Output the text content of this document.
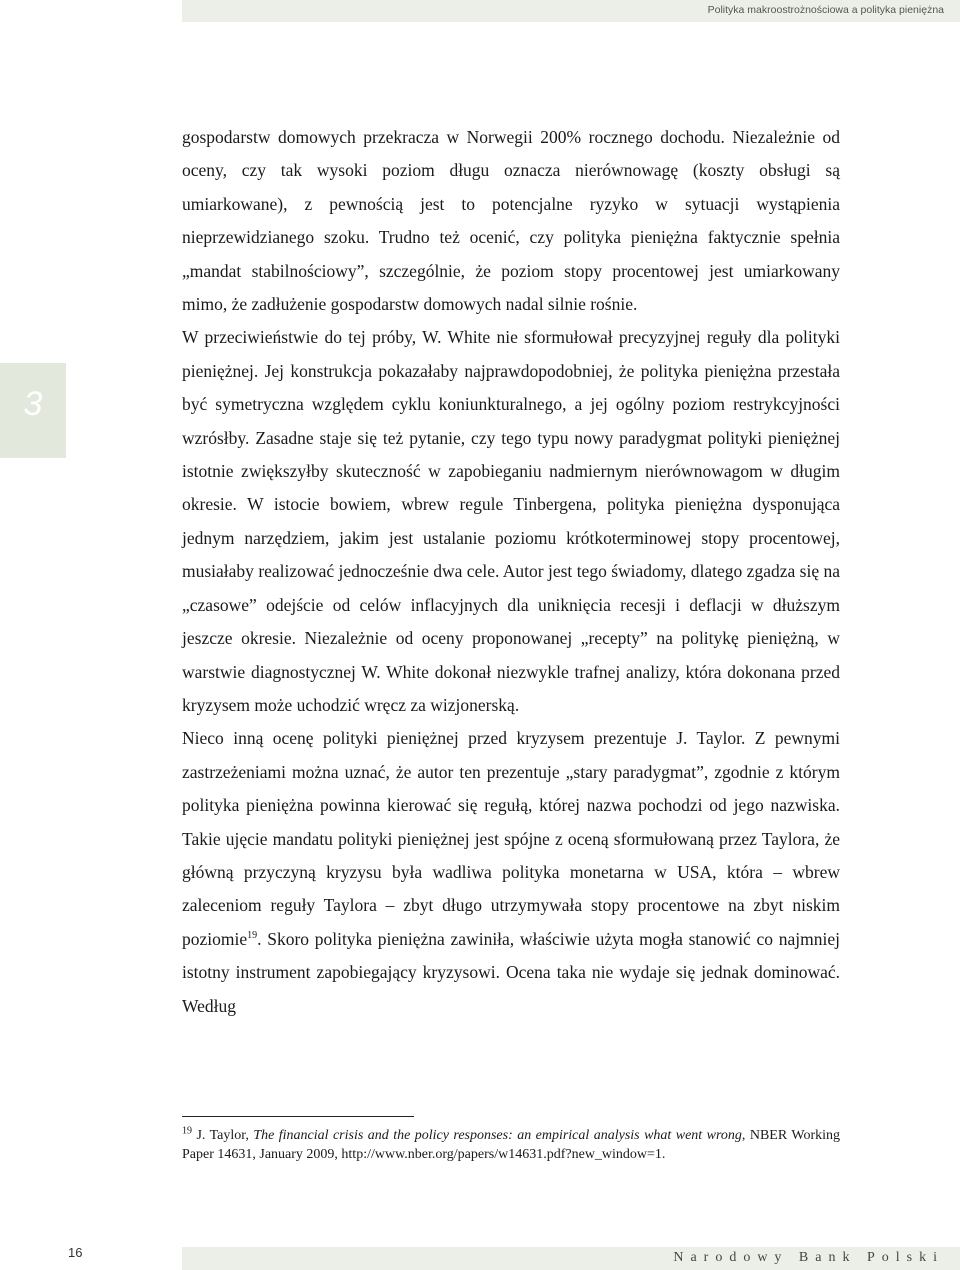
Polityka makroostrożnościowa a polityka pieniężna
3

gospodarstw domowych przekracza w Norwegii 200% rocznego dochodu. Niezależnie od oceny, czy tak wysoki poziom długu oznacza nierównowagę (koszty obsługi są umiarkowane), z pewnością jest to potencjalne ryzyko w sytuacji wystąpienia nieprzewidzianego szoku. Trudno też ocenić, czy polityka pieniężna faktycznie spełnia „mandat stabilnościowy”, szczególnie, że poziom stopy procentowej jest umiarkowany mimo, że zadłużenie gospodarstw domowych nadal silnie rośnie.

W przeciwieństwie do tej próby, W. White nie sformułował precyzyjnej reguły dla polityki pieniężnej. Jej konstrukcja pokazałaby najprawdopodobniej, że polityka pieniężna przestała być symetryczna względem cyklu koniunkturalnego, a jej ogólny poziom restrykcyjności wzrósłby. Zasadne staje się też pytanie, czy tego typu nowy paradygmat polityki pieniężnej istotnie zwiększyłby skuteczność w zapobieganiu nadmiernym nierównowagom w długim okresie. W istocie bowiem, wbrew regule Tinbergena, polityka pieniężna dysponująca jednym narzędziem, jakim jest ustalanie poziomu krótkoterminowej stopy procentowej, musiałaby realizować jednocześnie dwa cele. Autor jest tego świadomy, dlatego zgadza się na „czasowe” odejście od celów inflacyjnych dla uniknięcia recesji i deflacji w dłuższym jeszcze okresie. Niezależnie od oceny proponowanej „recepty” na politykę pieniężną, w warstwie diagnostycznej W. White dokonał niezwykle trafnej analizy, która dokonana przed kryzysem może uchodzić wręcz za wizjonerską.

Nieco inną ocenę polityki pieniężnej przed kryzysem prezentuje J. Taylor. Z pewnymi zastrzeżeniami można uznać, że autor ten prezentuje „stary paradygmat”, zgodnie z którym polityka pieniężna powinna kierować się regułą, której nazwa pochodzi od jego nazwiska. Takie ujęcie mandatu polityki pieniężnej jest spójne z oceną sformułowaną przez Taylora, że główną przyczyną kryzysu była wadliwa polityka monetarna w USA, która – wbrew zaleceniom reguły Taylora – zbyt długo utrzymywała stopy procentowe na zbyt niskim poziomie$^{19}$. Skoro polityka pieniężna zawiniła, właściwie użyta mogła stanowić co najmniej istotny instrument zapobiegający kryzysowi. Ocena taka nie wydaje się jednak dominować. Według

$^{19}$ J. Taylor, The financial crisis and the policy responses: an empirical analysis what went wrong, NBER Working Paper 14631, January 2009, http://www.nber.org/papers/w14631.pdf?new_window=1.
16	Narodowy Bank Polski
